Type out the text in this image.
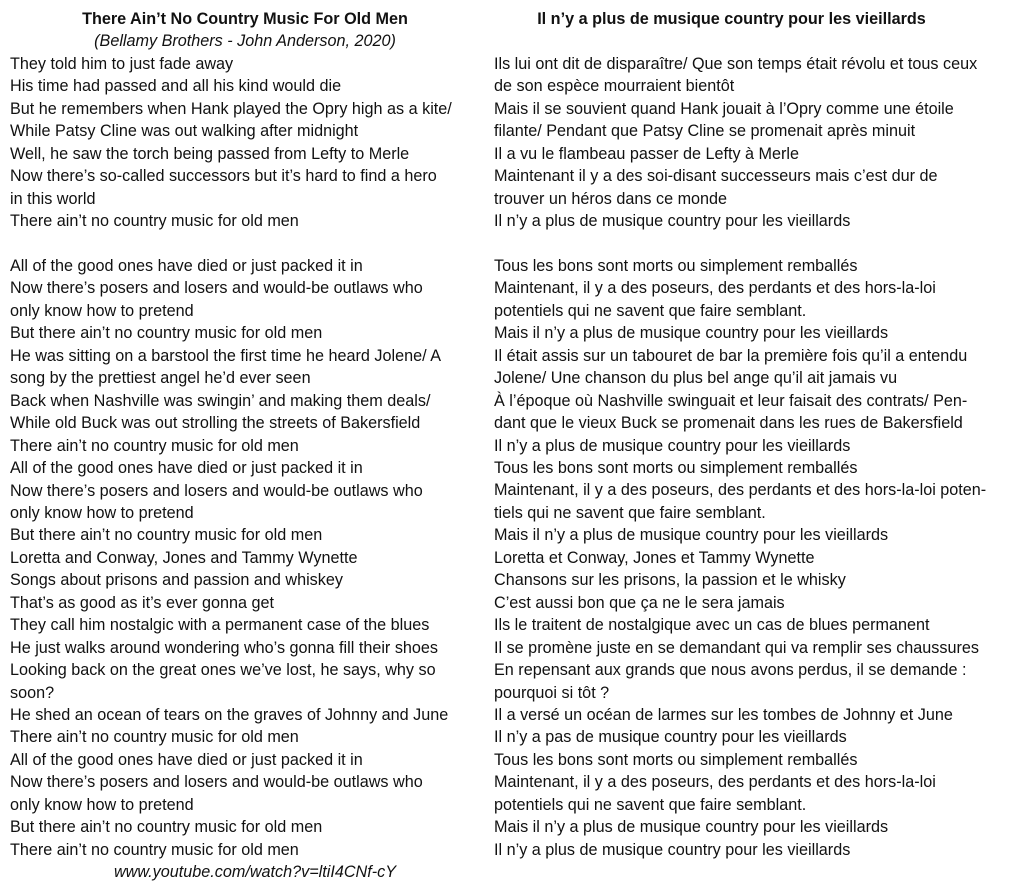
There Ain’t No Country Music For Old Men
(Bellamy Brothers - John Anderson, 2020)
They told him to just fade away
His time had passed and all his kind would die
But he remembers when Hank played the Opry high as a kite/
While Patsy Cline was out walking after midnight
Well, he saw the torch being passed from Lefty to Merle
Now there’s so-called successors but it’s hard to find a hero
in this world
There ain’t no country music for old men
All of the good ones have died or just packed it in
Now there’s posers and losers and would-be outlaws who
only know how to pretend
But there ain’t no country music for old men
He was sitting on a barstool the first time he heard Jolene/ A
song by the prettiest angel he’d ever seen
Back when Nashville was swingin’ and making them deals/
While old Buck was out strolling the streets of Bakersfield
There ain’t no country music for old men
All of the good ones have died or just packed it in
Now there’s posers and losers and would-be outlaws who
only know how to pretend
But there ain’t no country music for old men
Loretta and Conway, Jones and Tammy Wynette
Songs about prisons and passion and whiskey
That’s as good as it’s ever gonna get
They call him nostalgic with a permanent case of the blues
He just walks around wondering who’s gonna fill their shoes
Looking back on the great ones we’ve lost, he says, why so
soon?
He shed an ocean of tears on the graves of Johnny and June
There ain’t no country music for old men
All of the good ones have died or just packed it in
Now there’s posers and losers and would-be outlaws who
only know how to pretend
But there ain’t no country music for old men
There ain’t no country music for old men
www.youtube.com/watch?v=ltiI4CNf-cY
Il n’y a plus de musique country pour les vieillards
Ils lui ont dit de disparaître/ Que son temps était révolu et tous ceux
de son espèce mourraient bientôt
Mais il se souvient quand Hank jouait à l’Opry comme une étoile
filante/ Pendant que Patsy Cline se promenait après minuit
Il a vu le flambeau passer de Lefty à Merle
Maintenant il y a des soi-disant successeurs mais c’est dur de
trouver un héros dans ce monde
Il n’y a plus de musique country pour les vieillards
Tous les bons sont morts ou simplement remballés
Maintenant, il y a des poseurs, des perdants et des hors-la-loi
potentiels qui ne savent que faire semblant.
Mais il n’y a plus de musique country pour les vieillards
Il était assis sur un tabouret de bar la première fois qu’il a entendu
Jolene/ Une chanson du plus bel ange qu’il ait jamais vu
À l’époque où Nashville swinguait et leur faisait des contrats/ Pen-
dant que le vieux Buck se promenait dans les rues de Bakersfield
Il n’y a plus de musique country pour les vieillards
Tous les bons sont morts ou simplement remballés
Maintenant, il y a des poseurs, des perdants et des hors-la-loi poten-
tiels qui ne savent que faire semblant.
Mais il n’y a plus de musique country pour les vieillards
Loretta et Conway, Jones et Tammy Wynette
Chansons sur les prisons, la passion et le whisky
C’est aussi bon que ça ne le sera jamais
Ils le traitent de nostalgique avec un cas de blues permanent
Il se promène juste en se demandant qui va remplir ses chaussures
En repensant aux grands que nous avons perdus, il se demande :
pourquoi si tôt ?
Il a versé un océan de larmes sur les tombes de Johnny et June
Il n’y a pas de musique country pour les vieillards
Tous les bons sont morts ou simplement remballés
Maintenant, il y a des poseurs, des perdants et des hors-la-loi
potentiels qui ne savent que faire semblant.
Mais il n’y a plus de musique country pour les vieillards
Il n’y a plus de musique country pour les vieillards
